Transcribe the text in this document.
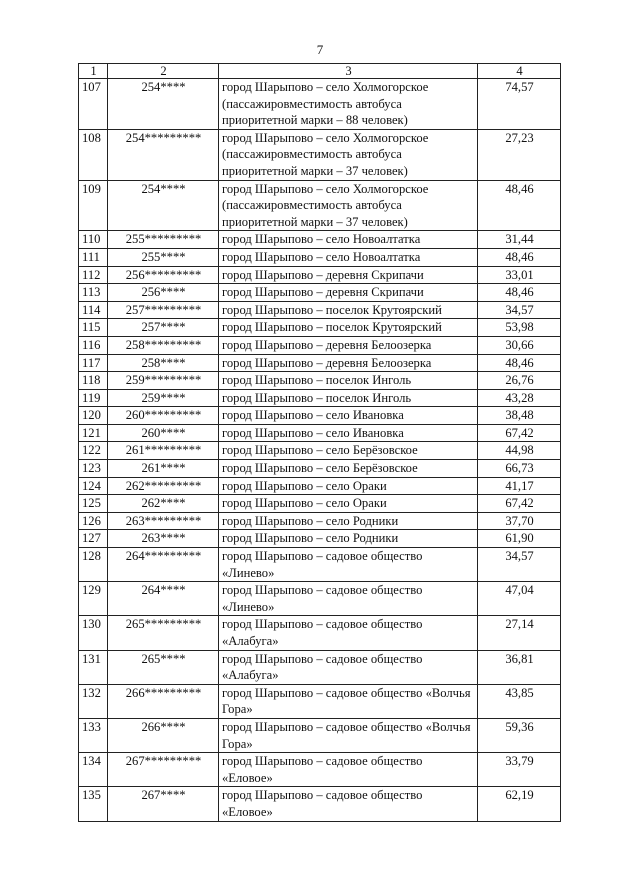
7
1	2	3	4
107	254****	город Шарыпово – село Холмогорское (пассажировместимость автобуса приоритетной марки – 88 человек)	74,57
108	254*********	город Шарыпово – село Холмогорское (пассажировместимость автобуса приоритетной марки – 37 человек)	27,23
109	254****	город Шарыпово – село Холмогорское (пассажировместимость автобуса приоритетной марки – 37 человек)	48,46
110	255*********	город Шарыпово – село Новоалтатка	31,44
111	255****	город Шарыпово – село Новоалтатка	48,46
112	256*********	город Шарыпово – деревня Скрипачи	33,01
113	256****	город Шарыпово – деревня Скрипачи	48,46
114	257*********	город Шарыпово – поселок Крутоярский	34,57
115	257****	город Шарыпово – поселок Крутоярский	53,98
116	258*********	город Шарыпово – деревня Белоозерка	30,66
117	258****	город Шарыпово – деревня Белоозерка	48,46
118	259*********	город Шарыпово – поселок Инголь	26,76
119	259****	город Шарыпово – поселок Инголь	43,28
120	260*********	город Шарыпово – село Ивановка	38,48
121	260****	город Шарыпово – село Ивановка	67,42
122	261*********	город Шарыпово – село Берёзовское	44,98
123	261****	город Шарыпово – село Берёзовское	66,73
124	262*********	город Шарыпово – село Ораки	41,17
125	262****	город Шарыпово – село Ораки	67,42
126	263*********	город Шарыпово – село Родники	37,70
127	263****	город Шарыпово – село Родники	61,90
128	264*********	город Шарыпово – садовое общество «Линево»	34,57
129	264****	город Шарыпово – садовое общество «Линево»	47,04
130	265*********	город Шарыпово – садовое общество «Алабуга»	27,14
131	265****	город Шарыпово – садовое общество «Алабуга»	36,81
132	266*********	город Шарыпово – садовое общество «Волчья Гора»	43,85
133	266****	город Шарыпово – садовое общество «Волчья Гора»	59,36
134	267*********	город Шарыпово – садовое общество «Еловое»	33,79
135	267****	город Шарыпово – садовое общество «Еловое»	62,19
